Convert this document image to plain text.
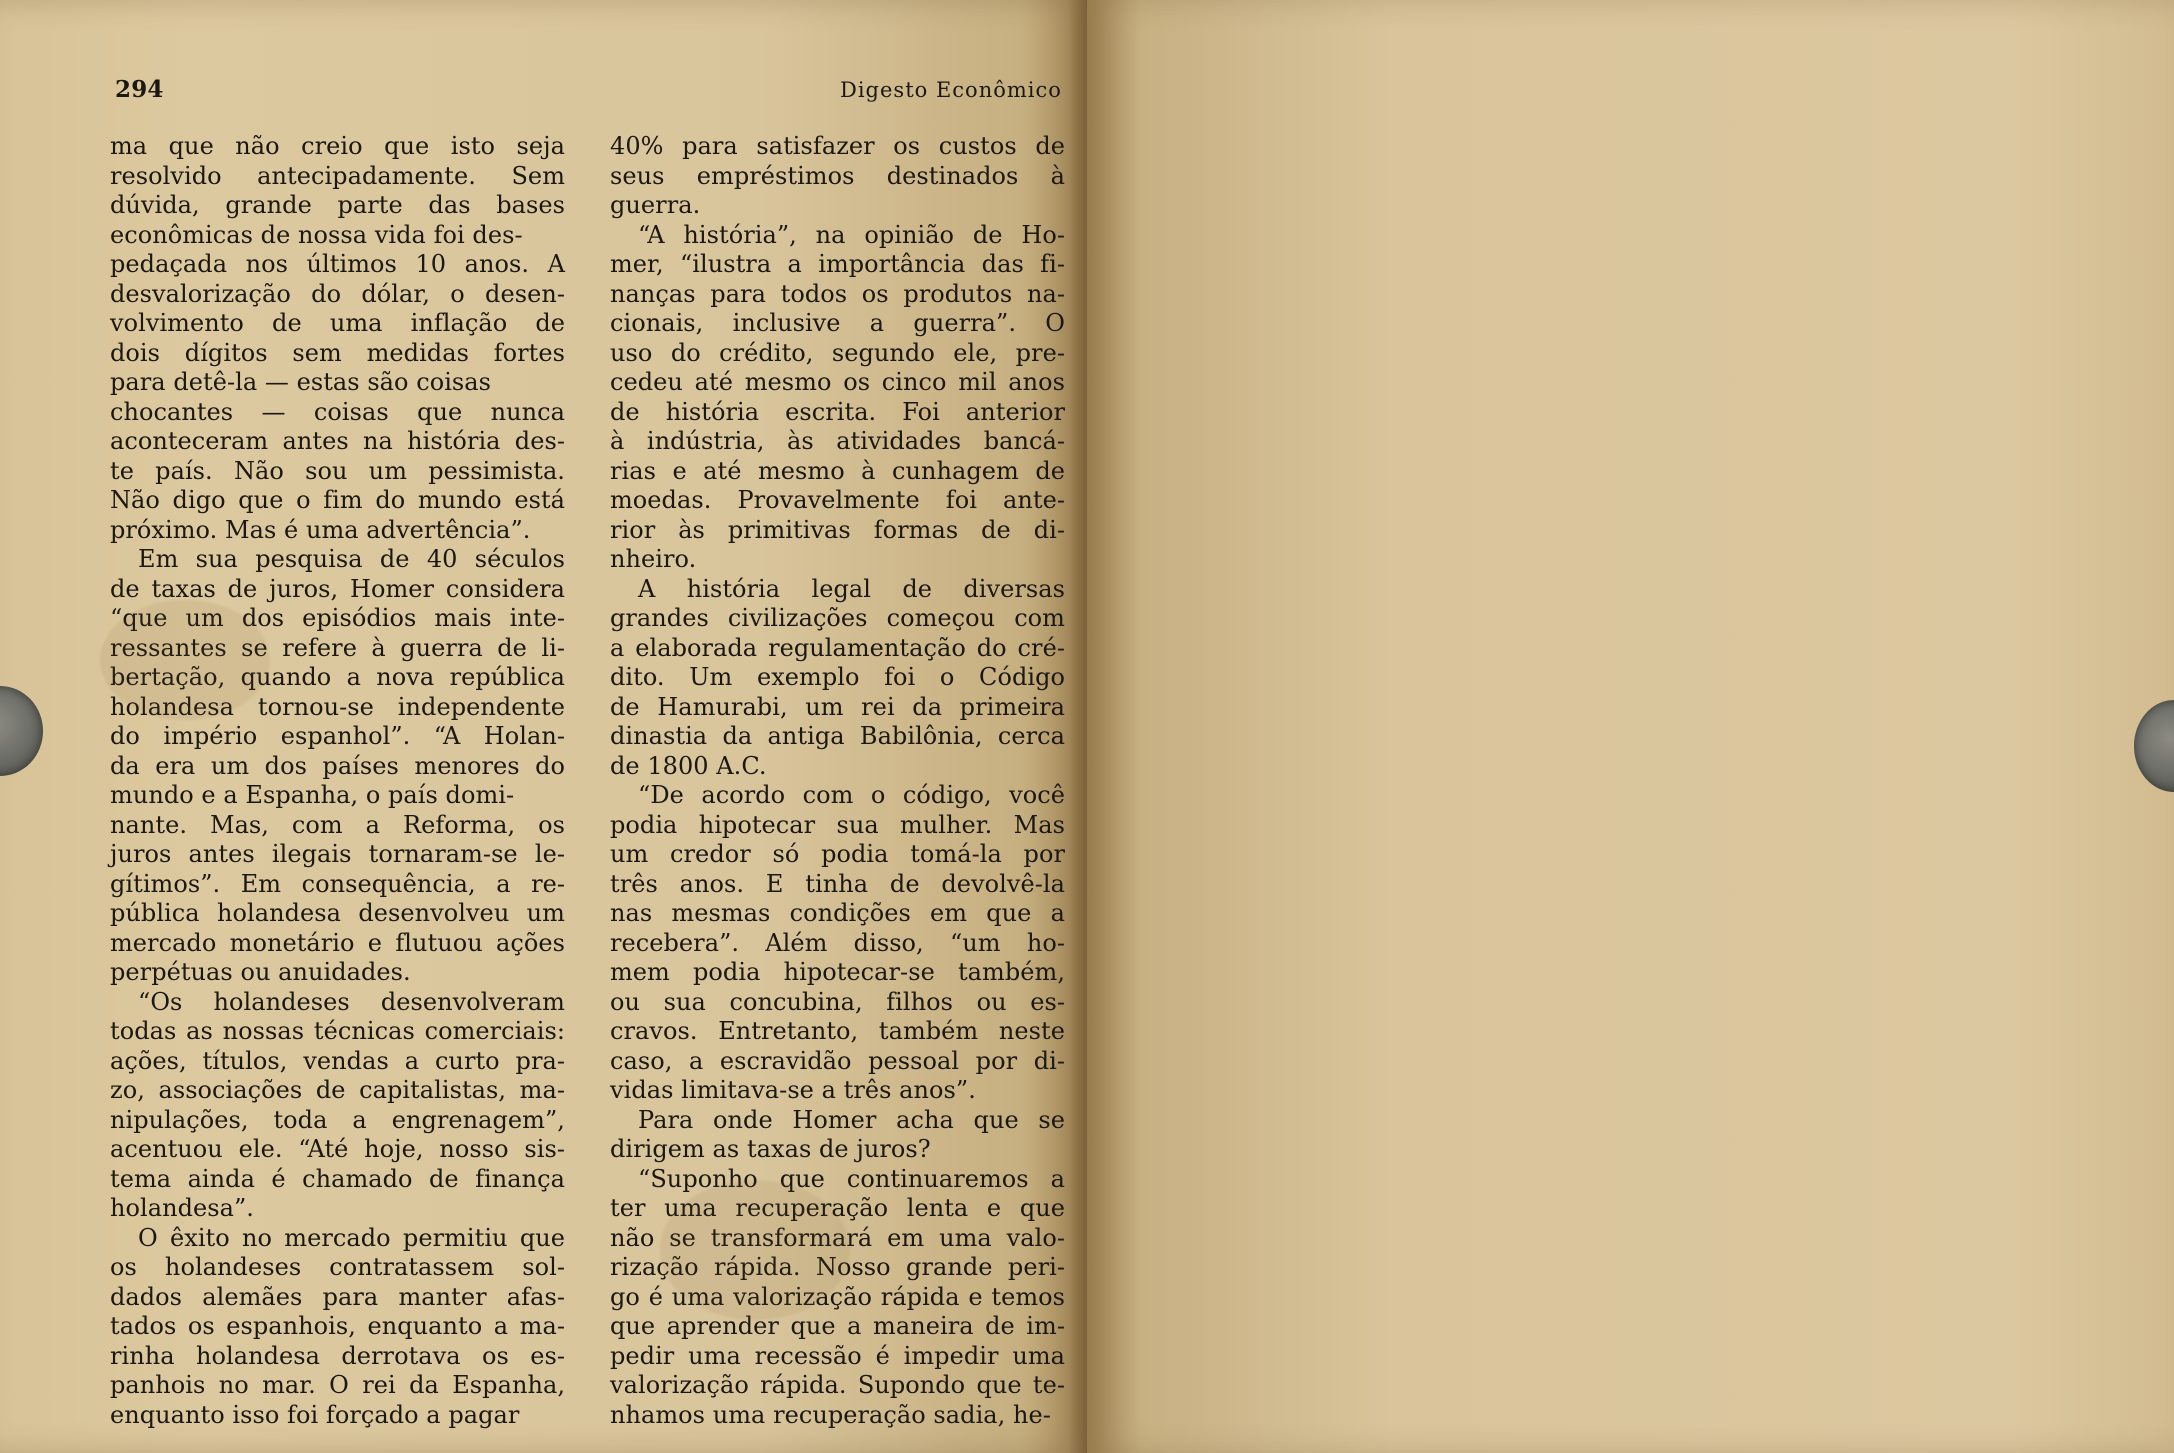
294	Digesto Econômico
ma que não creio que isto seja
resolvido antecipadamente. Sem
dúvida, grande parte das bases
econômicas de nossa vida foi des-
pedaçada nos últimos 10 anos. A
desvalorização do dólar, o desen-
volvimento de uma inflação de
dois dígitos sem medidas fortes
para detê-la — estas são coisas
chocantes — coisas que nunca
aconteceram antes na história des-
te país. Não sou um pessimista.
Não digo que o fim do mundo está
próximo. Mas é uma advertência”.
Em sua pesquisa de 40 séculos
de taxas de juros, Homer considera
“que um dos episódios mais inte-
ressantes se refere à guerra de li-
bertação, quando a nova república
holandesa tornou-se independente
do império espanhol”. “A Holan-
da era um dos países menores do
mundo e a Espanha, o país domi-
nante. Mas, com a Reforma, os
juros antes ilegais tornaram-se le-
gítimos”. Em consequência, a re-
pública holandesa desenvolveu um
mercado monetário e flutuou ações
perpétuas ou anuidades.
“Os holandeses desenvolveram
todas as nossas técnicas comerciais:
ações, títulos, vendas a curto pra-
zo, associações de capitalistas, ma-
nipulações, toda a engrenagem”,
acentuou ele. “Até hoje, nosso sis-
tema ainda é chamado de finança
holandesa”.
O êxito no mercado permitiu que
os holandeses contratassem sol-
dados alemães para manter afas-
tados os espanhois, enquanto a ma-
rinha holandesa derrotava os es-
panhois no mar. O rei da Espanha,
enquanto isso foi forçado a pagar
40% para satisfazer os custos de
seus empréstimos destinados à
guerra.
“A história”, na opinião de Ho-
mer, “ilustra a importância das fi-
nanças para todos os produtos na-
cionais, inclusive a guerra”. O
uso do crédito, segundo ele, pre-
cedeu até mesmo os cinco mil anos
de história escrita. Foi anterior
à indústria, às atividades bancá-
rias e até mesmo à cunhagem de
moedas. Provavelmente foi ante-
rior às primitivas formas de di-
nheiro.
A história legal de diversas
grandes civilizações começou com
a elaborada regulamentação do cré-
dito. Um exemplo foi o Código
de Hamurabi, um rei da primeira
dinastia da antiga Babilônia, cerca
de 1800 A.C.
“De acordo com o código, você
podia hipotecar sua mulher. Mas
um credor só podia tomá-la por
três anos. E tinha de devolvê-la
nas mesmas condições em que a
recebera”. Além disso, “um ho-
mem podia hipotecar-se também,
ou sua concubina, filhos ou es-
cravos. Entretanto, também neste
caso, a escravidão pessoal por di-
vidas limitava-se a três anos”.
Para onde Homer acha que se
dirigem as taxas de juros?
“Suponho que continuaremos a
ter uma recuperação lenta e que
não se transformará em uma valo-
rização rápida. Nosso grande peri-
go é uma valorização rápida e temos
que aprender que a maneira de im-
pedir uma recessão é impedir uma
valorização rápida. Supondo que te-
nhamos uma recuperação sadia, he-
